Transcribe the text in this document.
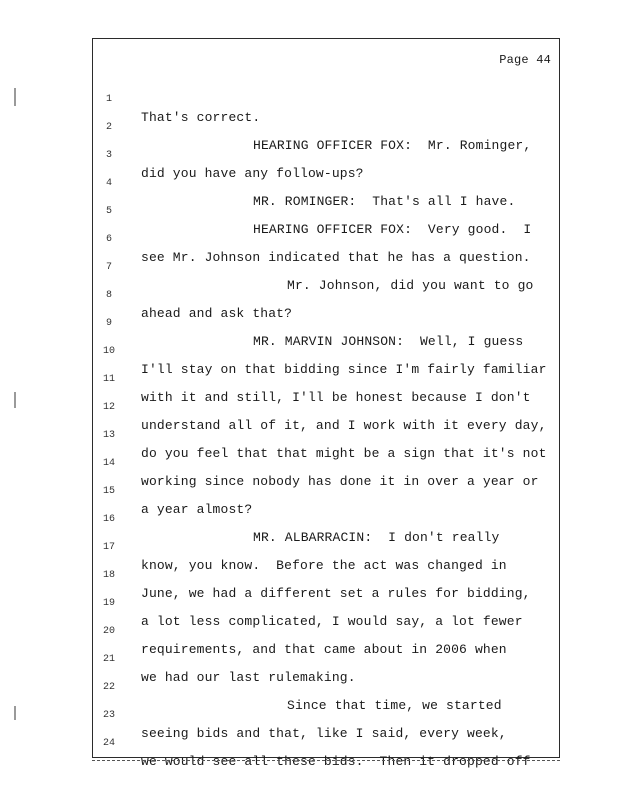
Page 44

1

That's correct.

2

HEARING OFFICER FOX:  Mr. Rominger,

3

did you have any follow-ups?

4

MR. ROMINGER:  That's all I have.

5

HEARING OFFICER FOX:  Very good.  I

6

see Mr. Johnson indicated that he has a question.

7

Mr. Johnson, did you want to go

8

ahead and ask that?

9

MR. MARVIN JOHNSON:  Well, I guess

10

I'll stay on that bidding since I'm fairly familiar

11

with it and still, I'll be honest because I don't

12

understand all of it, and I work with it every day,

13

do you feel that that might be a sign that it's not

14

working since nobody has done it in over a year or

15

a year almost?

16

MR. ALBARRACIN:  I don't really

17

know, you know.  Before the act was changed in

18

June, we had a different set a rules for bidding,

19

a lot less complicated, I would say, a lot fewer

20

requirements, and that came about in 2006 when

21

we had our last rulemaking.

22

Since that time, we started

23

seeing bids and that, like I said, every week,

24

we would see all these bids.  Then it dropped off
